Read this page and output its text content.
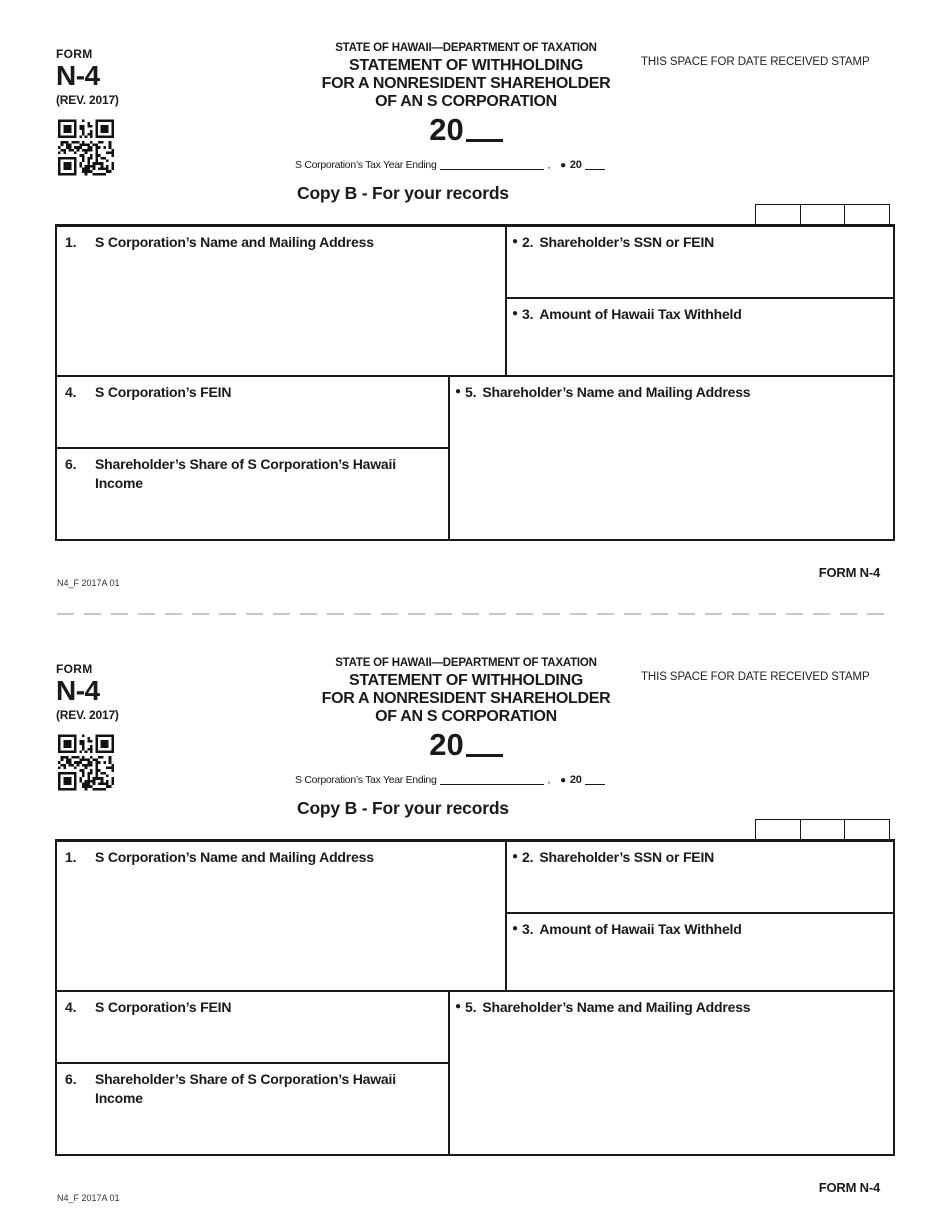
FORM
N-4
(REV. 2017)
STATE OF HAWAII—DEPARTMENT OF TAXATION
STATEMENT OF WITHHOLDING
FOR A NONRESIDENT SHAREHOLDER
OF AN S CORPORATION
20
THIS SPACE FOR DATE RECEIVED STAMP
S Corporation’s Tax Year Ending	, ● 20
Copy B - For your records
1.	S Corporation’s Name and Mailing Address	● 2. Shareholder’s SSN or FEIN
● 3. Amount of Hawaii Tax Withheld
4.	S Corporation’s FEIN	● 5. Shareholder’s Name and Mailing Address
6.	Shareholder’s Share of S Corporation’s Hawaii Income
N4_F 2017A 01
FORM N-4
FORM
N-4
(REV. 2017)
STATE OF HAWAII—DEPARTMENT OF TAXATION
STATEMENT OF WITHHOLDING
FOR A NONRESIDENT SHAREHOLDER
OF AN S CORPORATION
20
THIS SPACE FOR DATE RECEIVED STAMP
S Corporation’s Tax Year Ending	, ● 20
Copy B - For your records
1.	S Corporation’s Name and Mailing Address	● 2. Shareholder’s SSN or FEIN
● 3. Amount of Hawaii Tax Withheld
4.	S Corporation’s FEIN	● 5. Shareholder’s Name and Mailing Address
6.	Shareholder’s Share of S Corporation’s Hawaii Income
N4_F 2017A 01
FORM N-4
